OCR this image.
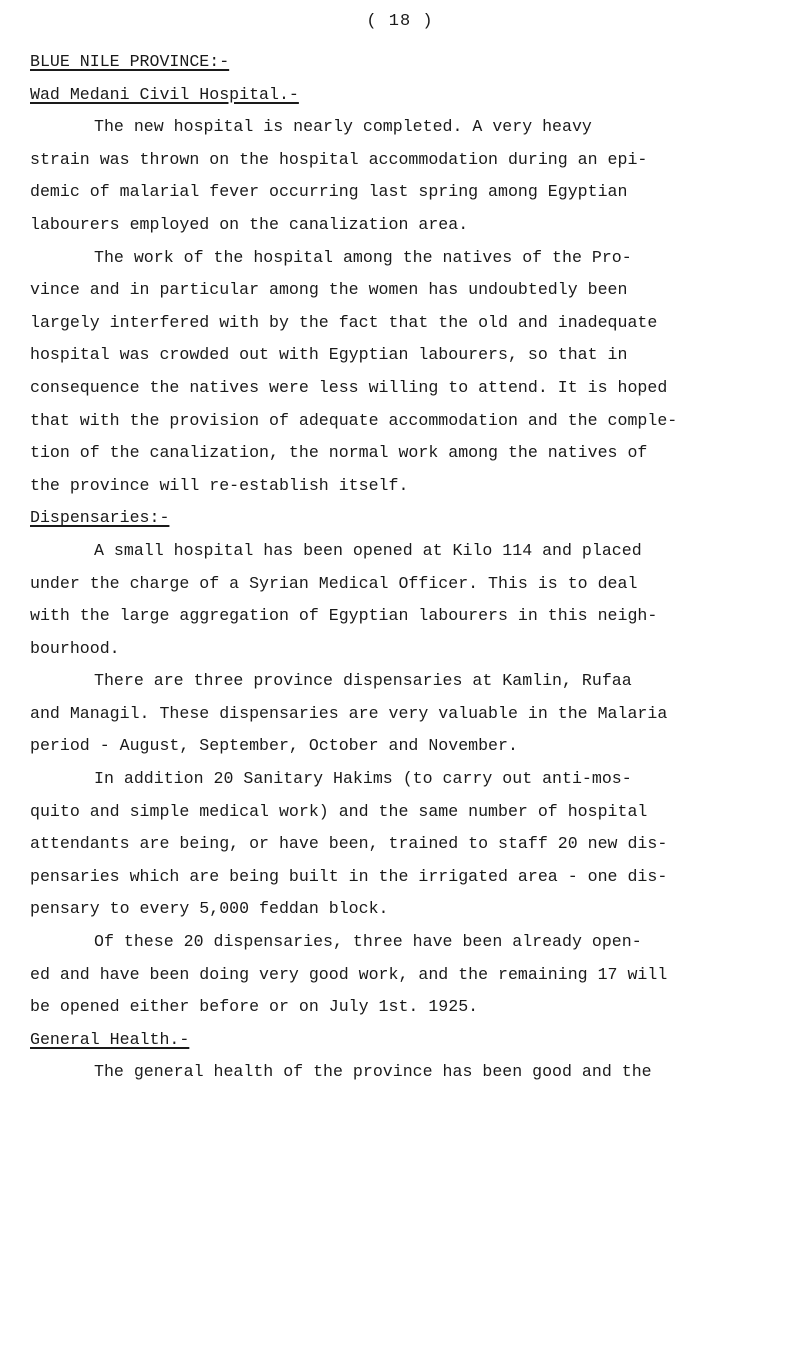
( 18 )
BLUE NILE PROVINCE:-
Wad Medani Civil Hospital.-
The new hospital is nearly completed. A very heavy
strain was thrown on the hospital accommodation during an epi-
demic of malarial fever occurring last spring among Egyptian
labourers employed on the canalization area.
The work of the hospital among the natives of the Pro-
vince and in particular among the women has undoubtedly been
largely interfered with by the fact that the old and inadequate
hospital was crowded out with Egyptian labourers, so that in
consequence the natives were less willing to attend. It is hoped
that with the provision of adequate accommodation and the comple-
tion of the canalization, the normal work among the natives of
the province will re-establish itself.
Dispensaries:-
A small hospital has been opened at Kilo 114 and placed
under the charge of a Syrian Medical Officer. This is to deal
with the large aggregation of Egyptian labourers in this neigh-
bourhood.
There are three province dispensaries at Kamlin, Rufaa
and Managil. These dispensaries are very valuable in the Malaria
period - August, September, October and November.
In addition 20 Sanitary Hakims (to carry out anti-mos-
quito and simple medical work) and the same number of hospital
attendants are being, or have been, trained to staff 20 new dis-
pensaries which are being built in the irrigated area - one dis-
pensary to every 5,000 feddan block.
Of these 20 dispensaries, three have been already open-
ed and have been doing very good work, and the remaining 17 will
be opened either before or on July 1st. 1925.
General Health.-
The general health of the province has been good and the
